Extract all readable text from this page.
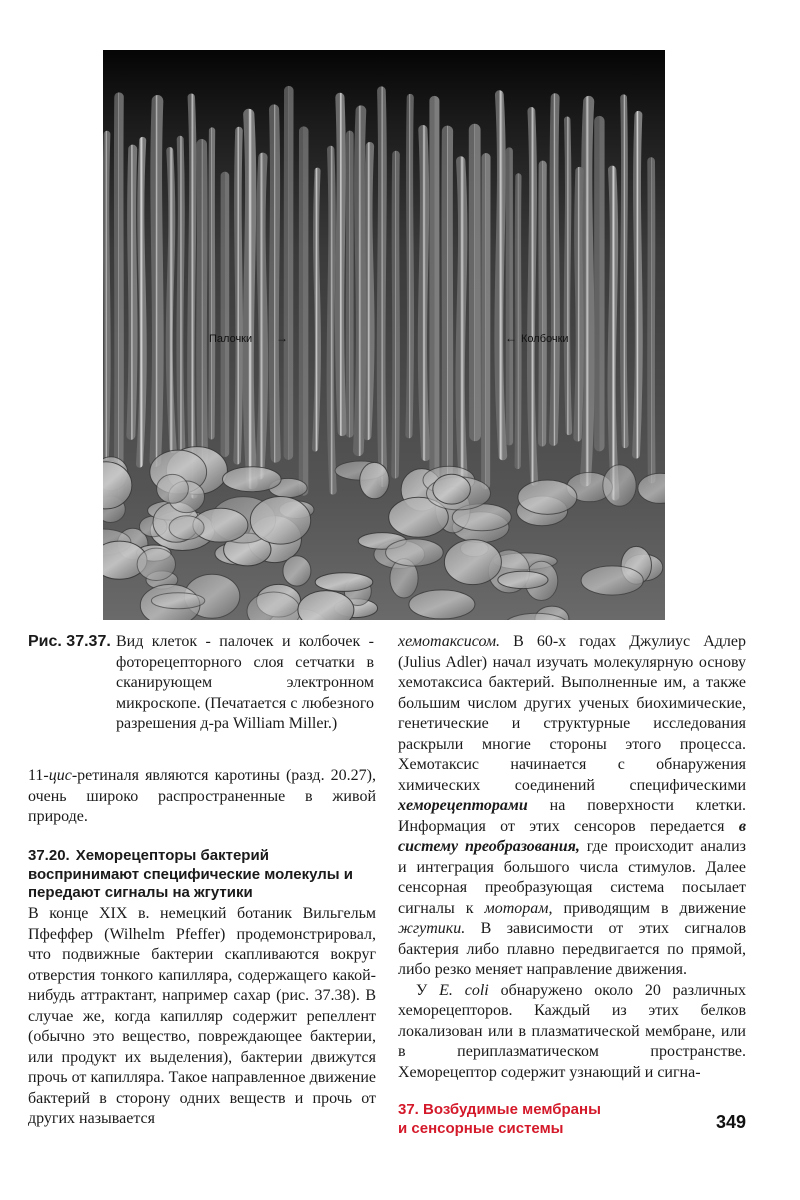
Палочки →	← Колбочки
Рис. 37.37. Вид клеток - палочек и колбочек - фоторецепторного слоя сетчатки в сканирующем электронном микроскопе. (Печатается с любезного разрешения д-ра William Miller.)

11-цис-ретиналя являются каротины (разд. 20.27), очень широко распространенные в живой природе.

37.20. Хеморецепторы бактерий воспринимают специфические молекулы и передают сигналы на жгутики

В конце XIX в. немецкий ботаник Вильгельм Пфеффер (Wilhelm Pfeffer) продемонстрировал, что подвижные бактерии скапливаются вокруг отверстия тонкого капилляра, содержащего какой-нибудь аттрактант, например сахар (рис. 37.38). В случае же, когда капилляр содержит репеллент (обычно это вещество, повреждающее бактерии, или продукт их выделения), бактерии движутся прочь от капилляра. Такое направленное движение бактерий в сторону одних веществ и прочь от других называется

хемотаксисом. В 60-х годах Джулиус Адлер (Julius Adler) начал изучать молекулярную основу хемотаксиса бактерий. Выполненные им, а также большим числом других ученых биохимические, генетические и структурные исследования раскрыли многие стороны этого процесса. Хемотаксис начинается с обнаружения химических соединений специфическими хеморецепторами на поверхности клетки. Информация от этих сенсоров передается в систему преобразования, где происходит анализ и интеграция большого числа стимулов. Далее сенсорная преобразующая система посылает сигналы к моторам, приводящим в движение жгутики. В зависимости от этих сигналов бактерия либо плавно передвигается по прямой, либо резко меняет направление движения.

У E. coli обнаружено около 20 различных хеморецепторов. Каждый из этих белков локализован или в плазматической мембране, или в периплазматическом пространстве. Хеморецептор содержит узнающий и сигна-

37. Возбудимые мембраны
и сенсорные системы	349
